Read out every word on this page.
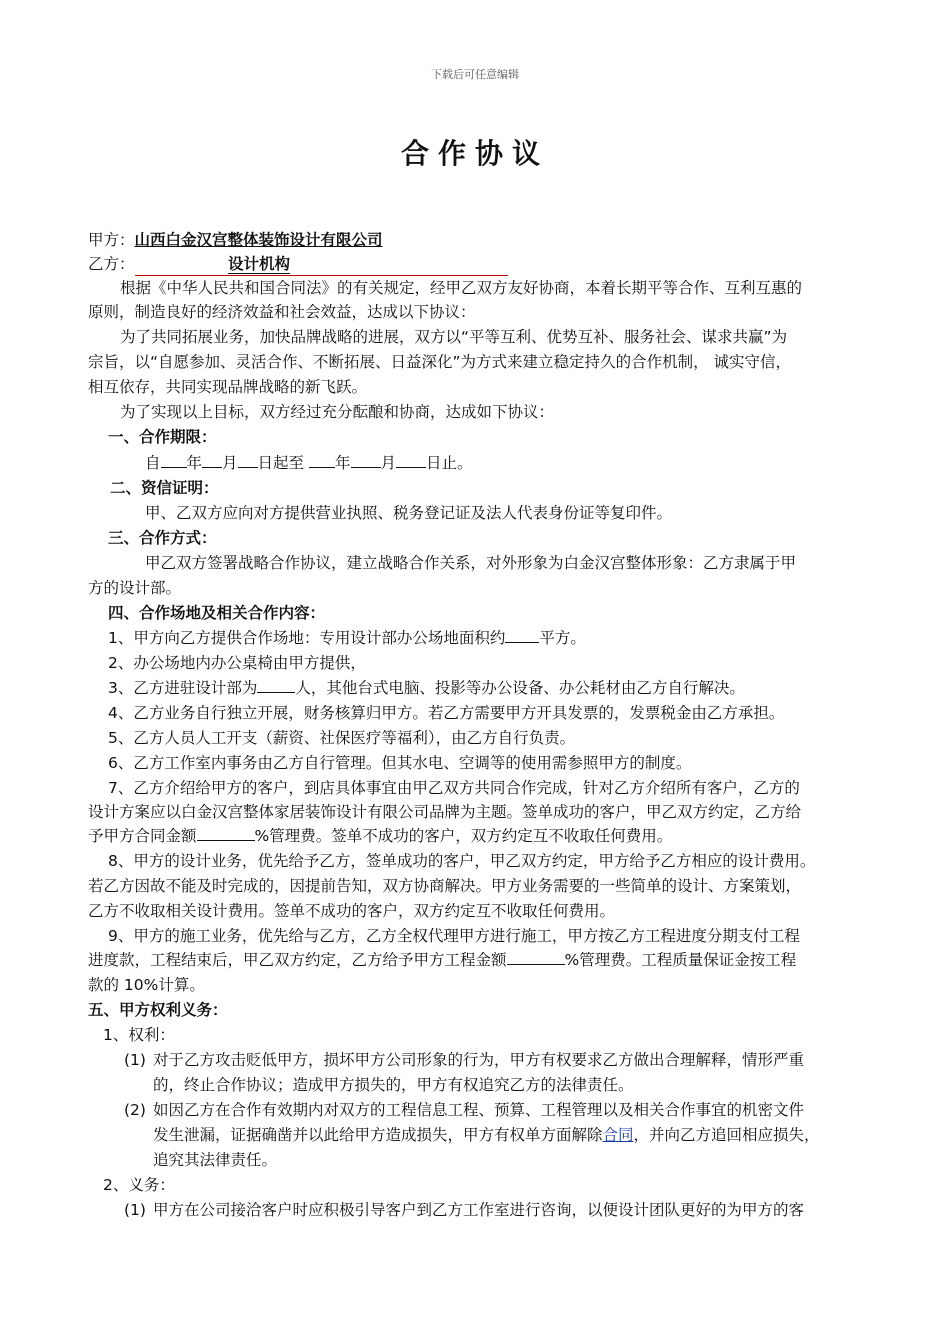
下载后可任意编辑
合作协议
甲方：山西白金汉宫整体装饰设计有限公司
乙方：	设计机构
根据《中华人民共和国合同法》的有关规定，经甲乙双方友好协商，本着长期平等合作、互利互惠的
原则，制造良好的经济效益和社会效益，达成以下协议：
为了共同拓展业务，加快品牌战略的进展，双方以“平等互利、优势互补、服务社会、谋求共赢”为
宗旨，以“自愿参加、灵活合作、不断拓展、日益深化”为方式来建立稳定持久的合作机制， 诚实守信，
相互依存，共同实现品牌战略的新飞跃。
为了实现以上目标，双方经过充分酝酿和协商，达成如下协议：
一、合作期限：
自 年 月 日起至 年 月 日止。
二、资信证明：
甲、乙双方应向对方提供营业执照、税务登记证及法人代表身份证等复印件。
三、合作方式：
甲乙双方签署战略合作协议，建立战略合作关系，对外形象为白金汉宫整体形象：乙方隶属于甲
方的设计部。
四、合作场地及相关合作内容：
1、甲方向乙方提供合作场地：专用设计部办公场地面积约 平方。
2、办公场地内办公桌椅由甲方提供，
3、乙方进驻设计部为 人，其他台式电脑、投影等办公设备、办公耗材由乙方自行解决。
4、乙方业务自行独立开展，财务核算归甲方。若乙方需要甲方开具发票的，发票税金由乙方承担。
5、乙方人员人工开支（薪资、社保医疗等福利），由乙方自行负责。
6、乙方工作室内事务由乙方自行管理。但其水电、空调等的使用需参照甲方的制度。
7、乙方介绍给甲方的客户，到店具体事宜由甲乙双方共同合作完成，针对乙方介绍所有客户，乙方的
设计方案应以白金汉宫整体家居装饰设计有限公司品牌为主题。签单成功的客户，甲乙双方约定，乙方给
予甲方合同金额	%管理费。签单不成功的客户，双方约定互不收取任何费用。
8、甲方的设计业务，优先给予乙方，签单成功的客户，甲乙双方约定，甲方给予乙方相应的设计费用。
若乙方因故不能及时完成的，因提前告知，双方协商解决。甲方业务需要的一些简单的设计、方案策划，
乙方不收取相关设计费用。签单不成功的客户，双方约定互不收取任何费用。
9、甲方的施工业务，优先给与乙方，乙方全权代理甲方进行施工，甲方按乙方工程进度分期支付工程
进度款，工程结束后，甲乙双方约定，乙方给予甲方工程金额	%管理费。工程质量保证金按工程
款的 10%计算。
五、甲方权利义务：
1、权利：
(1) 对于乙方攻击贬低甲方，损坏甲方公司形象的行为，甲方有权要求乙方做出合理解释，情形严重
的，终止合作协议；造成甲方损失的，甲方有权追究乙方的法律责任。
(2) 如因乙方在合作有效期内对双方的工程信息工程、预算、工程管理以及相关合作事宜的机密文件
发生泄漏，证据确凿并以此给甲方造成损失，甲方有权单方面解除合同，并向乙方追回相应损失，
追究其法律责任。
2、义务：
(1) 甲方在公司接洽客户时应积极引导客户到乙方工作室进行咨询，以便设计团队更好的为甲方的客
